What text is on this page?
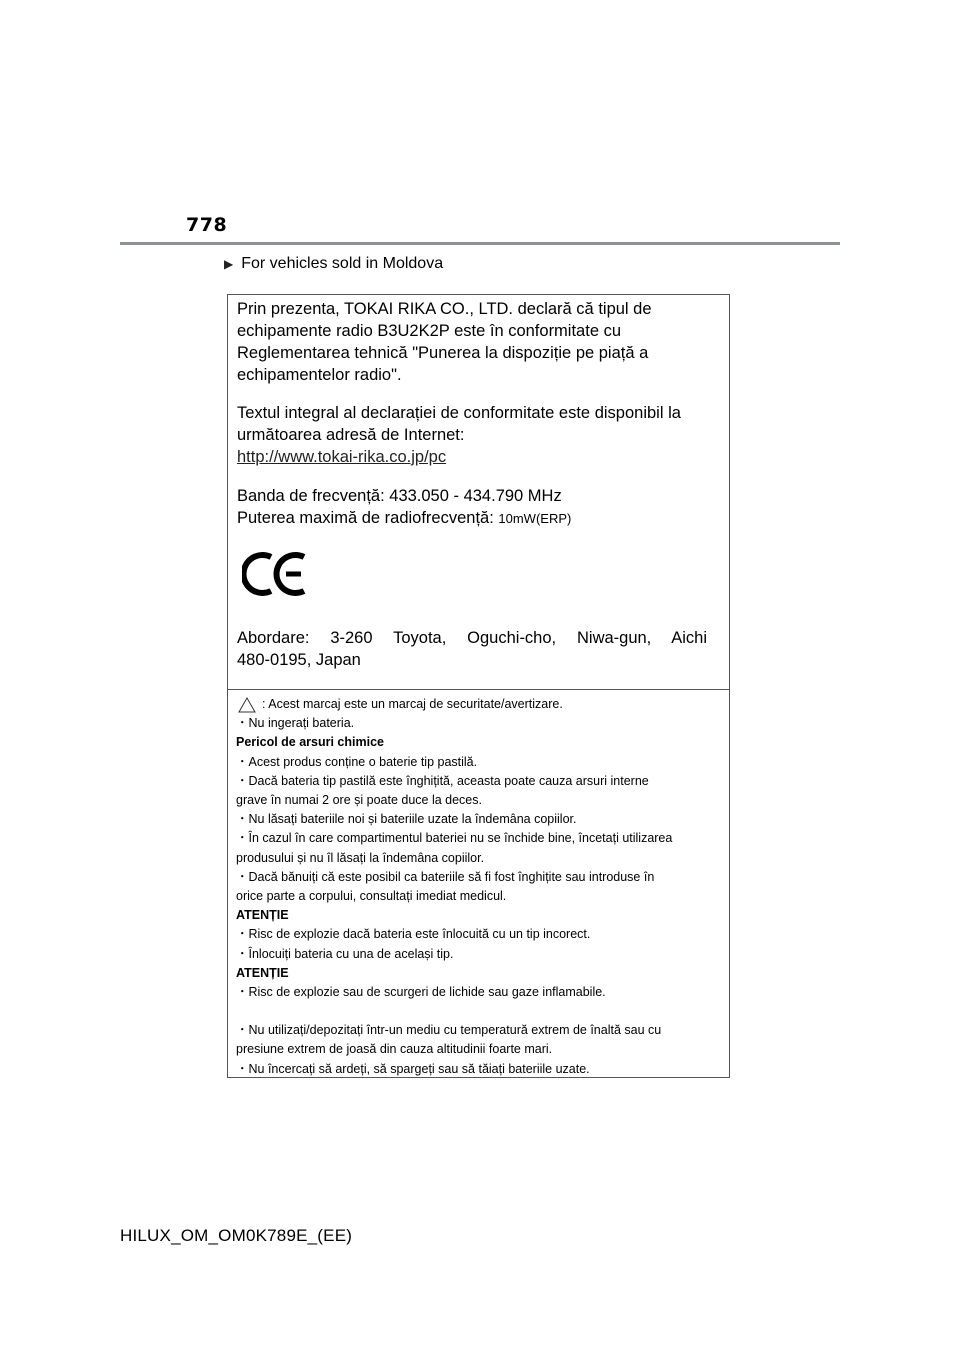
778
▶ For vehicles sold in Moldova
Prin prezenta, TOKAI RIKA CO., LTD. declară că tipul de
echipamente radio B3U2K2P este în conformitate cu
Reglementarea tehnică "Punerea la dispoziție pe piață a
echipamentelor radio".
Textul integral al declarației de conformitate este disponibil la
următoarea adresă de Internet:
http://www.tokai-rika.co.jp/pc
Banda de frecvență: 433.050 - 434.790 MHz
Puterea maximă de radiofrecvență: 10mW(ERP)
Abordare: 3-260 Toyota, Oguchi-cho, Niwa-gun, Aichi
480-0195, Japan
: Acest marcaj este un marcaj de securitate/avertizare.
・Nu ingerați bateria.
Pericol de arsuri chimice
・Acest produs conține o baterie tip pastilă.
・Dacă bateria tip pastilă este înghițită, aceasta poate cauza arsuri interne
grave în numai 2 ore și poate duce la deces.
・Nu lăsați bateriile noi și bateriile uzate la îndemâna copiilor.
・În cazul în care compartimentul bateriei nu se închide bine, încetați utilizarea
produsului și nu îl lăsați la îndemâna copiilor.
・Dacă bănuiți că este posibil ca bateriile să fi fost înghițite sau introduse în
orice parte a corpului, consultați imediat medicul.
ATENȚIE
・Risc de explozie dacă bateria este înlocuită cu un tip incorect.
・Înlocuiți bateria cu una de același tip.
ATENȚIE
・Risc de explozie sau de scurgeri de lichide sau gaze inflamabile.
・Nu utilizați/depozitați într-un mediu cu temperatură extrem de înaltă sau cu
presiune extrem de joasă din cauza altitudinii foarte mari.
・Nu încercați să ardeți, să spargeți sau să tăiați bateriile uzate.
HILUX_OM_OM0K789E_(EE)
